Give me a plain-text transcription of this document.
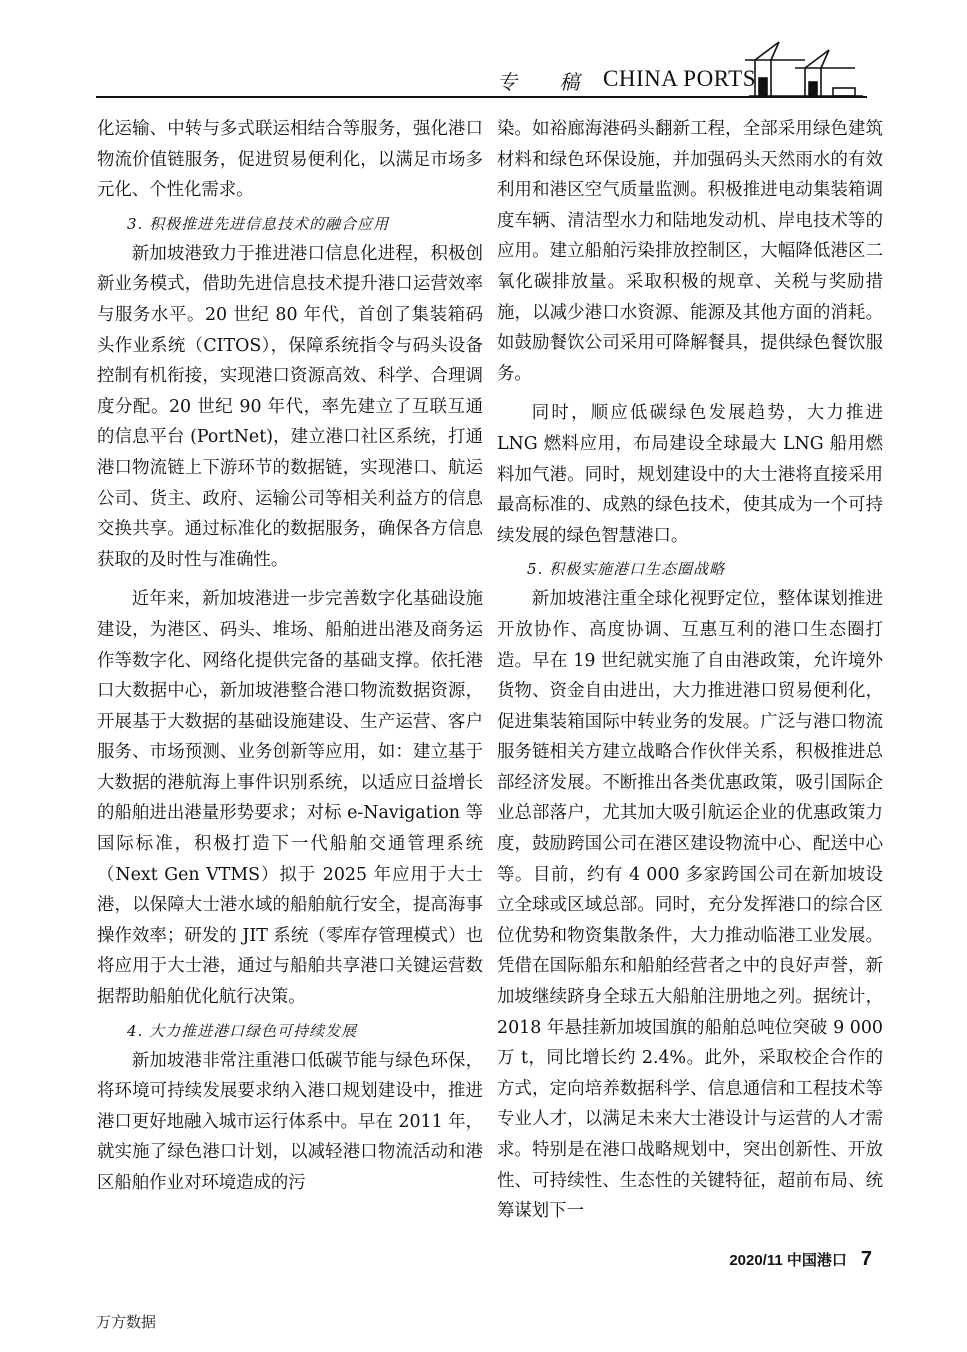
专 稿 CHINA PORTS

化运输、中转与多式联运相结合等服务，强化港口物流价值链服务，促进贸易便利化，以满足市场多元化、个性化需求。

3. 积极推进先进信息技术的融合应用

新加坡港致力于推进港口信息化进程，积极创新业务模式，借助先进信息技术提升港口运营效率与服务水平。20 世纪 80 年代，首创了集装箱码头作业系统（CITOS），保障系统指令与码头设备控制有机衔接，实现港口资源高效、科学、合理调度分配。20 世纪 90 年代，率先建立了互联互通的信息平台 (PortNet)，建立港口社区系统，打通港口物流链上下游环节的数据链，实现港口、航运公司、货主、政府、运输公司等相关利益方的信息交换共享。通过标准化的数据服务，确保各方信息获取的及时性与准确性。

近年来，新加坡港进一步完善数字化基础设施建设，为港区、码头、堆场、船舶进出港及商务运作等数字化、网络化提供完备的基础支撑。依托港口大数据中心，新加坡港整合港口物流数据资源，开展基于大数据的基础设施建设、生产运营、客户服务、市场预测、业务创新等应用，如：建立基于大数据的港航海上事件识别系统，以适应日益增长的船舶进出港量形势要求；对标 e-Navigation 等国际标准，积极打造下一代船舶交通管理系统（Next Gen VTMS）拟于 2025 年应用于大士港，以保障大士港水域的船舶航行安全，提高海事操作效率；研发的 JIT 系统（零库存管理模式）也将应用于大士港，通过与船舶共享港口关键运营数据帮助船舶优化航行决策。

4. 大力推进港口绿色可持续发展

新加坡港非常注重港口低碳节能与绿色环保，将环境可持续发展要求纳入港口规划建设中，推进港口更好地融入城市运行体系中。早在 2011 年，就实施了绿色港口计划，以减轻港口物流活动和港区船舶作业对环境造成的污

染。如裕廊海港码头翻新工程，全部采用绿色建筑材料和绿色环保设施，并加强码头天然雨水的有效利用和港区空气质量监测。积极推进电动集装箱调度车辆、清洁型水力和陆地发动机、岸电技术等的应用。建立船舶污染排放控制区，大幅降低港区二氧化碳排放量。采取积极的规章、关税与奖励措施，以减少港口水资源、能源及其他方面的消耗。如鼓励餐饮公司采用可降解餐具，提供绿色餐饮服务。

同时，顺应低碳绿色发展趋势，大力推进 LNG 燃料应用，布局建设全球最大 LNG 船用燃料加气港。同时，规划建设中的大士港将直接采用最高标准的、成熟的绿色技术，使其成为一个可持续发展的绿色智慧港口。

5. 积极实施港口生态圈战略

新加坡港注重全球化视野定位，整体谋划推进开放协作、高度协调、互惠互利的港口生态圈打造。早在 19 世纪就实施了自由港政策，允许境外货物、资金自由进出，大力推进港口贸易便利化，促进集装箱国际中转业务的发展。广泛与港口物流服务链相关方建立战略合作伙伴关系，积极推进总部经济发展。不断推出各类优惠政策，吸引国际企业总部落户，尤其加大吸引航运企业的优惠政策力度，鼓励跨国公司在港区建设物流中心、配送中心等。目前，约有 4 000 多家跨国公司在新加坡设立全球或区域总部。同时，充分发挥港口的综合区位优势和物资集散条件，大力推动临港工业发展。凭借在国际船东和船舶经营者之中的良好声誉，新加坡继续跻身全球五大船舶注册地之列。据统计，2018 年悬挂新加坡国旗的船舶总吨位突破 9 000 万 t，同比增长约 2.4%。此外，采取校企合作的方式，定向培养数据科学、信息通信和工程技术等专业人才，以满足未来大士港设计与运营的人才需求。特别是在港口战略规划中，突出创新性、开放性、可持续性、生态性的关键特征，超前布局、统筹谋划下一

2020/11 中国港口 7
万方数据
